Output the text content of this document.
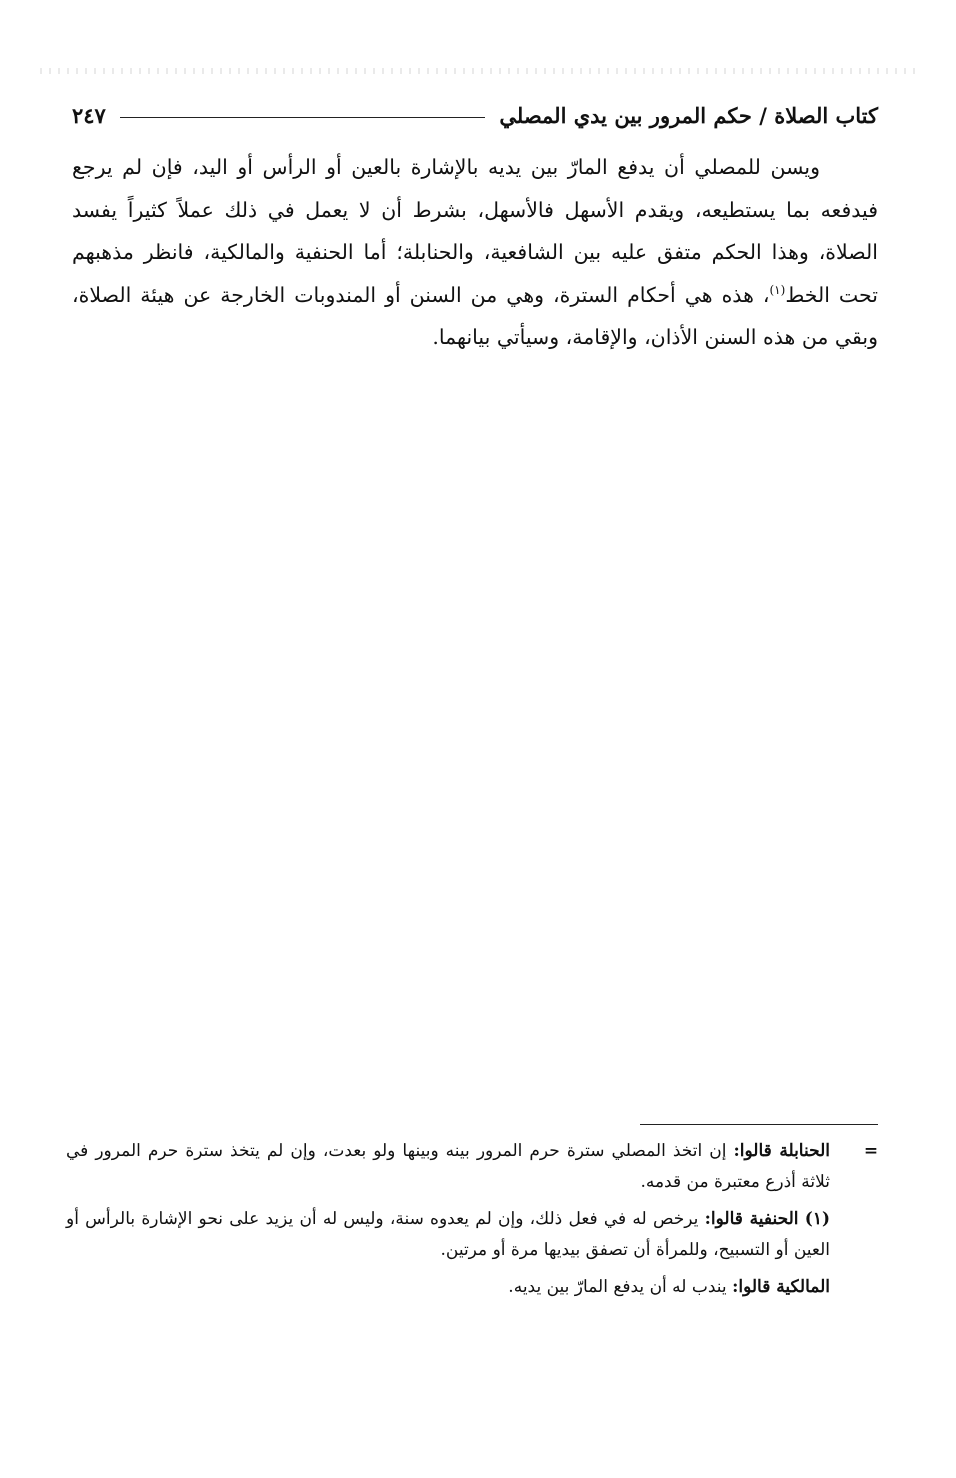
كتاب الصلاة / حكم المرور بين يدي المصلي
٢٤٧
ويسن للمصلي أن يدفع المارّ بين يديه بالإشارة بالعين أو الرأس أو اليد، فإن لم يرجع فيدفعه بما يستطيعه، ويقدم الأسهل فالأسهل، بشرط أن لا يعمل في ذلك عملاً كثيراً يفسد الصلاة، وهذا الحكم متفق عليه بين الشافعية، والحنابلة؛ أما الحنفية والمالكية، فانظر مذهبهم تحت الخط$^{(١)}$، هذه هي أحكام السترة، وهي من السنن أو المندوبات الخارجة عن هيئة الصلاة، وبقي من هذه السنن الأذان، والإقامة، وسيأتي بيانهما.
=
الحنابلة قالوا: إن اتخذ المصلي سترة حرم المرور بينه وبينها ولو بعدت، وإن لم يتخذ سترة حرم المرور في ثلاثة أذرع معتبرة من قدمه.
(١) الحنفية قالوا: يرخص له في فعل ذلك، وإن لم يعدوه سنة، وليس له أن يزيد على نحو الإشارة بالرأس أو العين أو التسبيح، وللمرأة أن تصفق بيديها مرة أو مرتين.
المالكية قالوا: يندب له أن يدفع المارّ بين يديه.
